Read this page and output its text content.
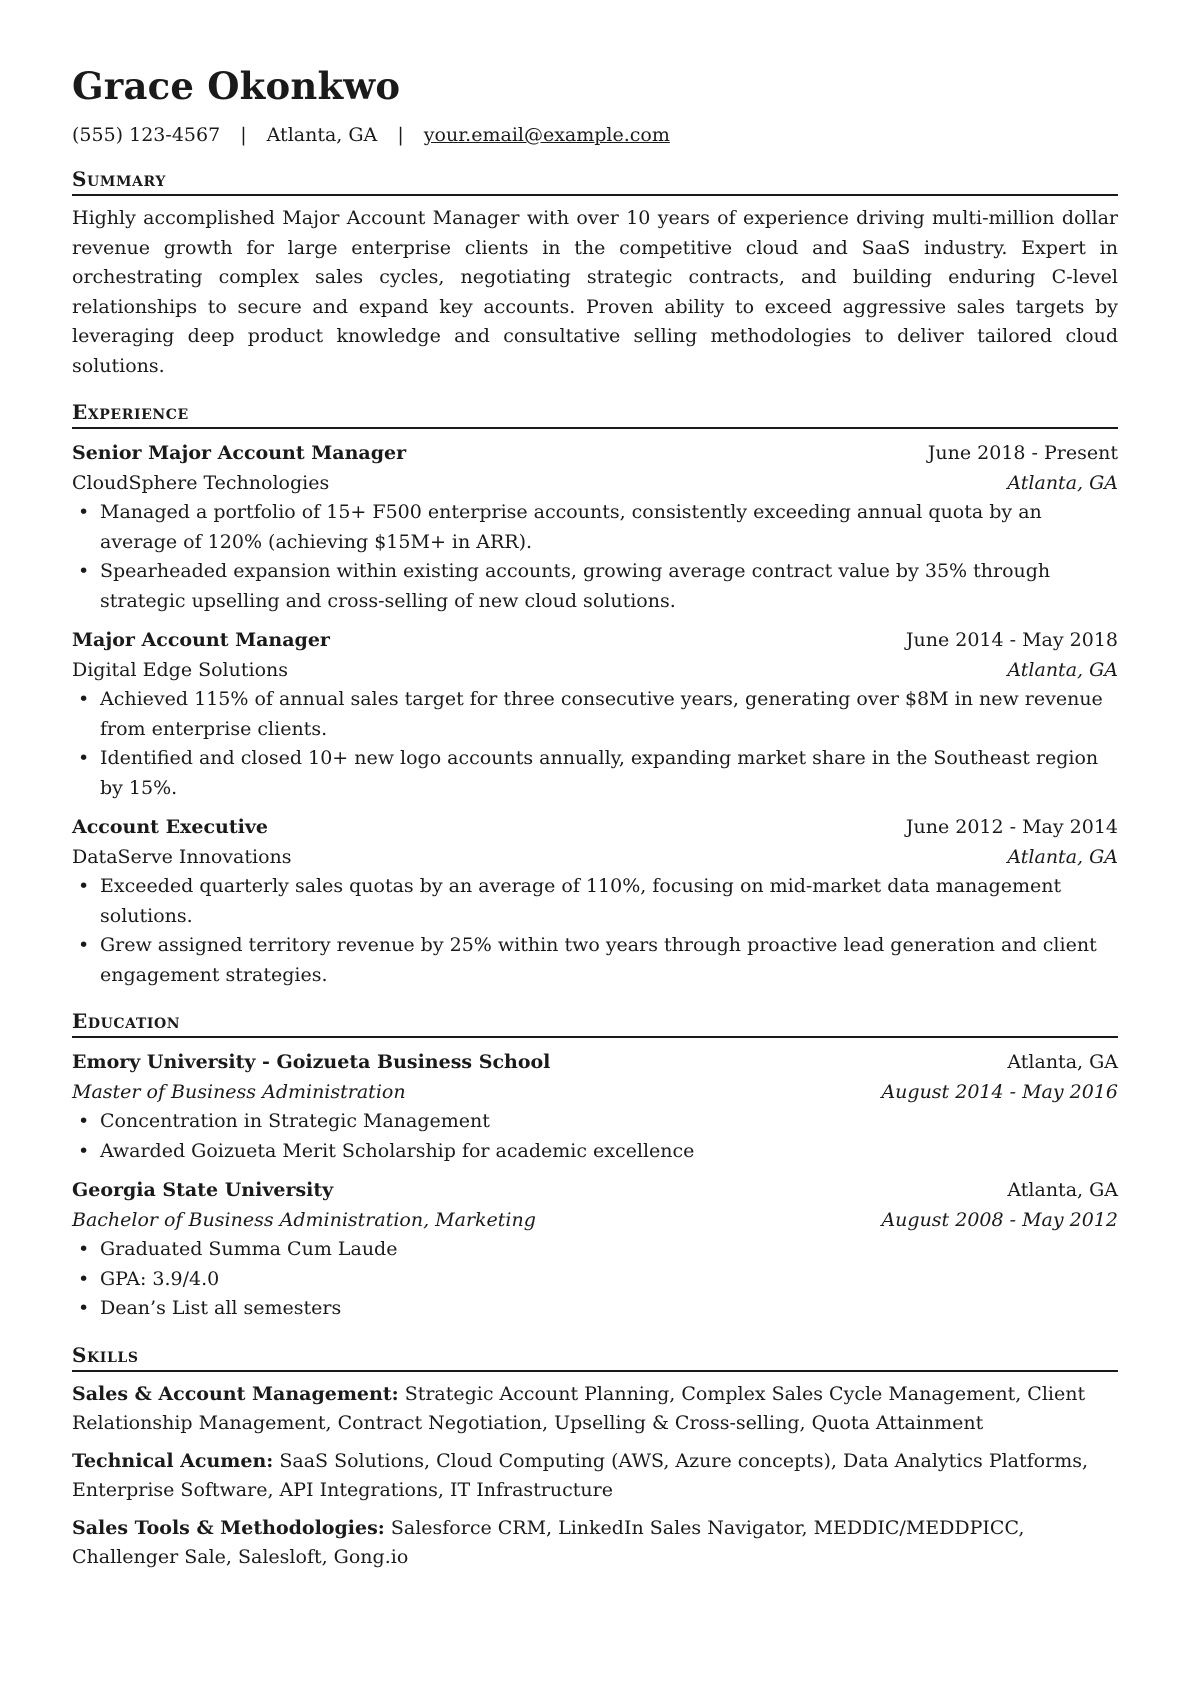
Grace Okonkwo
(555) 123-4567 | Atlanta, GA | your.email@example.com
Summary
Highly accomplished Major Account Manager with over 10 years of experience driving multi-million dollar revenue growth for large enterprise clients in the competitive cloud and SaaS industry. Expert in orchestrating complex sales cycles, negotiating strategic contracts, and building enduring C-level relationships to secure and expand key accounts. Proven ability to exceed aggressive sales targets by leveraging deep product knowledge and consultative selling methodologies to deliver tailored cloud solutions.
Experience
Senior Major Account Manager	June 2018 - Present
CloudSphere Technologies	Atlanta, GA
• Managed a portfolio of 15+ F500 enterprise accounts, consistently exceeding annual quota by an average of 120% (achieving $15M+ in ARR).
• Spearheaded expansion within existing accounts, growing average contract value by 35% through strategic upselling and cross-selling of new cloud solutions.
Major Account Manager	June 2014 - May 2018
Digital Edge Solutions	Atlanta, GA
• Achieved 115% of annual sales target for three consecutive years, generating over $8M in new revenue from enterprise clients.
• Identified and closed 10+ new logo accounts annually, expanding market share in the Southeast region by 15%.
Account Executive	June 2012 - May 2014
DataServe Innovations	Atlanta, GA
• Exceeded quarterly sales quotas by an average of 110%, focusing on mid-market data management solutions.
• Grew assigned territory revenue by 25% within two years through proactive lead generation and client engagement strategies.
Education
Emory University - Goizueta Business School	Atlanta, GA
Master of Business Administration	August 2014 - May 2016
• Concentration in Strategic Management
• Awarded Goizueta Merit Scholarship for academic excellence
Georgia State University	Atlanta, GA
Bachelor of Business Administration, Marketing	August 2008 - May 2012
• Graduated Summa Cum Laude
• GPA: 3.9/4.0
• Dean’s List all semesters
Skills
Sales & Account Management: Strategic Account Planning, Complex Sales Cycle Management, Client Relationship Management, Contract Negotiation, Upselling & Cross-selling, Quota Attainment
Technical Acumen: SaaS Solutions, Cloud Computing (AWS, Azure concepts), Data Analytics Platforms, Enterprise Software, API Integrations, IT Infrastructure
Sales Tools & Methodologies: Salesforce CRM, LinkedIn Sales Navigator, MEDDIC/MEDDPICC, Challenger Sale, Salesloft, Gong.io
